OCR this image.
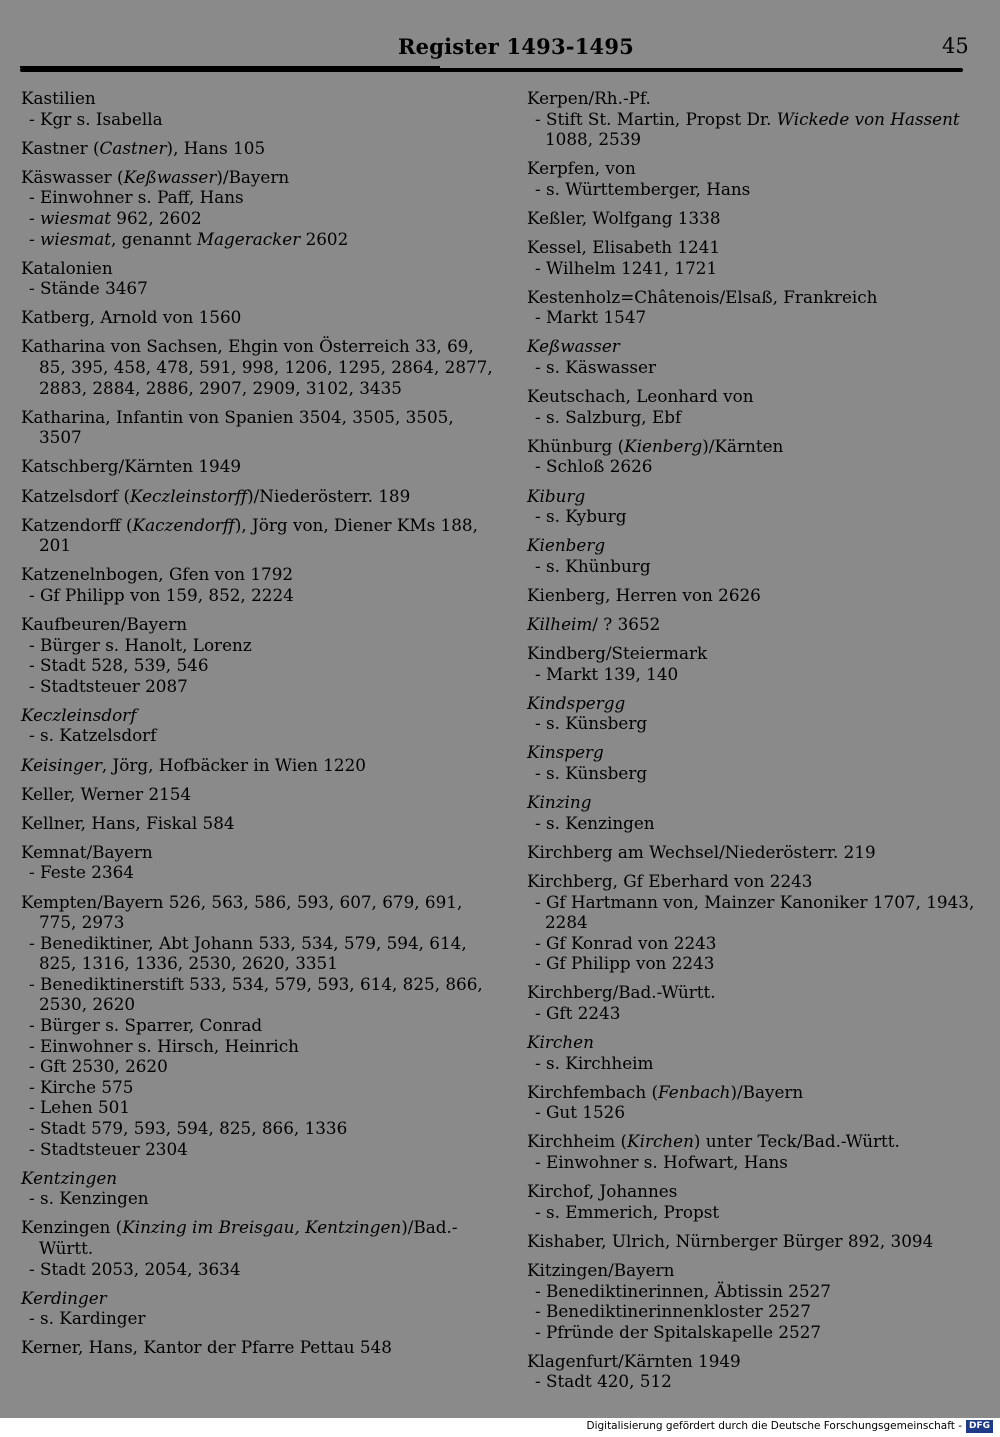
Register 1493-1495	45
Kastilien
- Kgr s. Isabella
Kastner (Castner), Hans 105
Käswasser (Keßwasser)/Bayern
- Einwohner s. Paff, Hans
- wiesmat 962, 2602
- wiesmat, genannt Mageracker 2602
Katalonien
- Stände 3467
Katberg, Arnold von 1560
Katharina von Sachsen, Ehgin von Österreich 33, 69,
85, 395, 458, 478, 591, 998, 1206, 1295, 2864, 2877,
2883, 2884, 2886, 2907, 2909, 3102, 3435
Katharina, Infantin von Spanien 3504, 3505, 3505,
3507
Katschberg/Kärnten 1949
Katzelsdorf (Keczleinstorff)/Niederösterr. 189
Katzendorff (Kaczendorff), Jörg von, Diener KMs 188,
201
Katzenelnbogen, Gfen von 1792
- Gf Philipp von 159, 852, 2224
Kaufbeuren/Bayern
- Bürger s. Hanolt, Lorenz
- Stadt 528, 539, 546
- Stadtsteuer 2087
Keczleinsdorf
- s. Katzelsdorf
Keisinger, Jörg, Hofbäcker in Wien 1220
Keller, Werner 2154
Kellner, Hans, Fiskal 584
Kemnat/Bayern
- Feste 2364
Kempten/Bayern 526, 563, 586, 593, 607, 679, 691,
775, 2973
- Benediktiner, Abt Johann 533, 534, 579, 594, 614,
825, 1316, 1336, 2530, 2620, 3351
- Benediktinerstift 533, 534, 579, 593, 614, 825, 866,
2530, 2620
- Bürger s. Sparrer, Conrad
- Einwohner s. Hirsch, Heinrich
- Gft 2530, 2620
- Kirche 575
- Lehen 501
- Stadt 579, 593, 594, 825, 866, 1336
- Stadtsteuer 2304
Kentzingen
- s. Kenzingen
Kenzingen (Kinzing im Breisgau, Kentzingen)/Bad.-
Württ.
- Stadt 2053, 2054, 3634
Kerdinger
- s. Kardinger
Kerner, Hans, Kantor der Pfarre Pettau 548
Kerpen/Rh.-Pf.
- Stift St. Martin, Propst Dr. Wickede von Hassent
1088, 2539
Kerpfen, von
- s. Württemberger, Hans
Keßler, Wolfgang 1338
Kessel, Elisabeth 1241
- Wilhelm 1241, 1721
Kestenholz=Châtenois/Elsaß, Frankreich
- Markt 1547
Keßwasser
- s. Käswasser
Keutschach, Leonhard von
- s. Salzburg, Ebf
Khünburg (Kienberg)/Kärnten
- Schloß 2626
Kiburg
- s. Kyburg
Kienberg
- s. Khünburg
Kienberg, Herren von 2626
Kilheim/ ? 3652
Kindberg/Steiermark
- Markt 139, 140
Kindspergg
- s. Künsberg
Kinsperg
- s. Künsberg
Kinzing
- s. Kenzingen
Kirchberg am Wechsel/Niederösterr. 219
Kirchberg, Gf Eberhard von 2243
- Gf Hartmann von, Mainzer Kanoniker 1707, 1943,
2284
- Gf Konrad von 2243
- Gf Philipp von 2243
Kirchberg/Bad.-Württ.
- Gft 2243
Kirchen
- s. Kirchheim
Kirchfembach (Fenbach)/Bayern
- Gut 1526
Kirchheim (Kirchen) unter Teck/Bad.-Württ.
- Einwohner s. Hofwart, Hans
Kirchof, Johannes
- s. Emmerich, Propst
Kishaber, Ulrich, Nürnberger Bürger 892, 3094
Kitzingen/Bayern
- Benediktinerinnen, Äbtissin 2527
- Benediktinerinnenkloster 2527
- Pfründe der Spitalskapelle 2527
Klagenfurt/Kärnten 1949
- Stadt 420, 512
Digitalisierung gefördert durch die Deutsche Forschungsgemeinschaft - DFG
